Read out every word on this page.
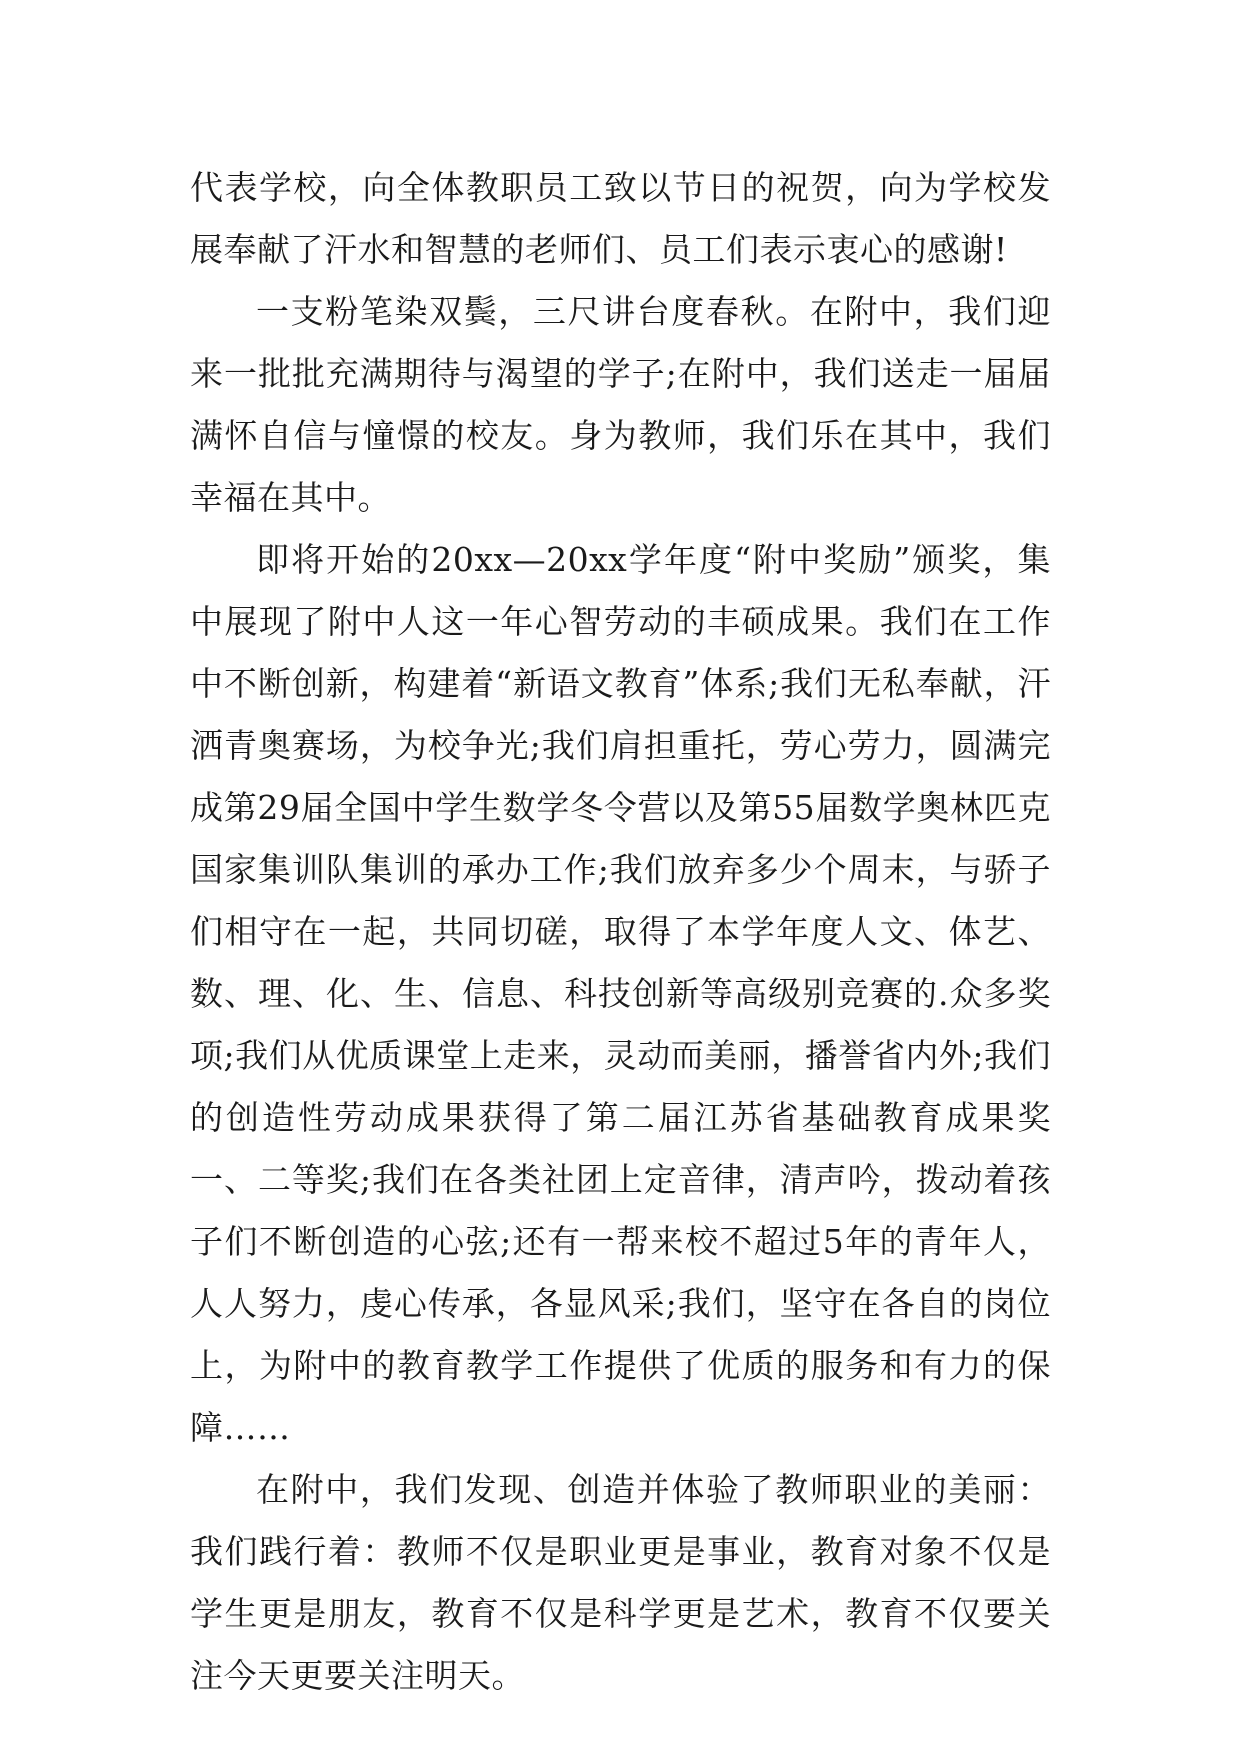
代表学校，向全体教职员工致以节日的祝贺，向为学校发展奉献了汗水和智慧的老师们、员工们表示衷心的感谢!

一支粉笔染双鬓，三尺讲台度春秋。在附中，我们迎来一批批充满期待与渴望的学子;在附中，我们送走一届届满怀自信与憧憬的校友。身为教师，我们乐在其中，我们幸福在其中。

即将开始的20xx—20xx学年度“附中奖励”颁奖，集中展现了附中人这一年心智劳动的丰硕成果。我们在工作中不断创新，构建着“新语文教育”体系;我们无私奉献，汗洒青奥赛场，为校争光;我们肩担重托，劳心劳力，圆满完成第29届全国中学生数学冬令营以及第55届数学奥林匹克国家集训队集训的承办工作;我们放弃多少个周末，与骄子们相守在一起，共同切磋，取得了本学年度人文、体艺、数、理、化、生、信息、科技创新等高级别竞赛的.众多奖项;我们从优质课堂上走来，灵动而美丽，播誉省内外;我们的创造性劳动成果获得了第二届江苏省基础教育成果奖一、二等奖;我们在各类社团上定音律，清声吟，拨动着孩子们不断创造的心弦;还有一帮来校不超过5年的青年人，人人努力，虔心传承，各显风采;我们，坚守在各自的岗位上，为附中的教育教学工作提供了优质的服务和有力的保障……

在附中，我们发现、创造并体验了教师职业的美丽：我们践行着：教师不仅是职业更是事业，教育对象不仅是学生更是朋友，教育不仅是科学更是艺术，教育不仅要关注今天更要关注明天。
